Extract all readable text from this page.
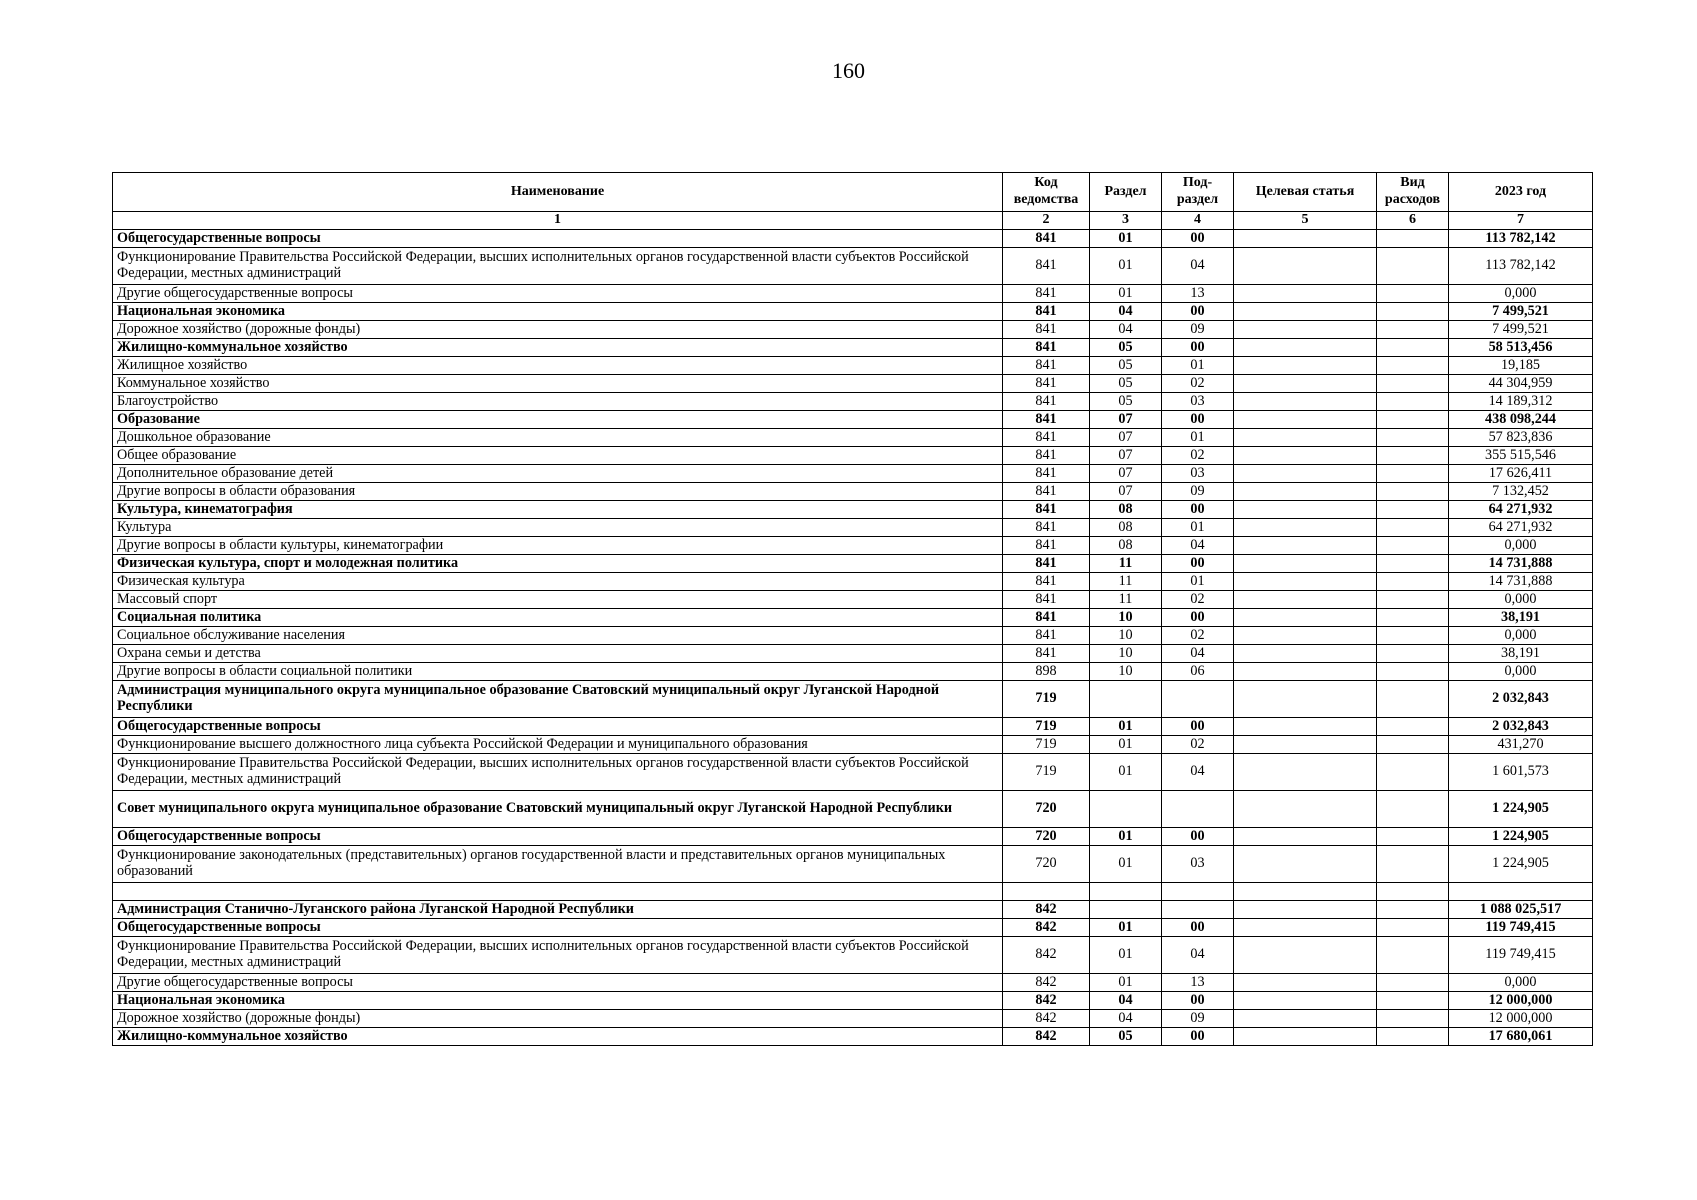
160
Наименование	Код ведомства	Раздел	Под-раздел	Целевая статья	Вид расходов	2023 год
1	2	3	4	5	6	7
Общегосударственные вопросы	841	01	00			113 782,142
Функционирование Правительства Российской Федерации, высших исполнительных органов государственной власти субъектов Российской Федерации, местных администраций	841	01	04			113 782,142
Другие общегосударственные вопросы	841	01	13			0,000
Национальная экономика	841	04	00			7 499,521
Дорожное хозяйство (дорожные фонды)	841	04	09			7 499,521
Жилищно-коммунальное хозяйство	841	05	00			58 513,456
Жилищное хозяйство	841	05	01			19,185
Коммунальное хозяйство	841	05	02			44 304,959
Благоустройство	841	05	03			14 189,312
Образование	841	07	00			438 098,244
Дошкольное образование	841	07	01			57 823,836
Общее образование	841	07	02			355 515,546
Дополнительное образование детей	841	07	03			17 626,411
Другие вопросы в области образования	841	07	09			7 132,452
Культура, кинематография	841	08	00			64 271,932
Культура	841	08	01			64 271,932
Другие вопросы в области культуры, кинематографии	841	08	04			0,000
Физическая культура, спорт и молодежная политика	841	11	00			14 731,888
Физическая культура	841	11	01			14 731,888
Массовый спорт	841	11	02			0,000
Социальная политика	841	10	00			38,191
Социальное обслуживание населения	841	10	02			0,000
Охрана семьи и детства	841	10	04			38,191
Другие вопросы в области социальной политики	898	10	06			0,000
Администрация муниципального округа муниципальное образование Сватовский муниципальный округ Луганской Народной Республики	719					2 032,843
Общегосударственные вопросы	719	01	00			2 032,843
Функционирование высшего должностного лица субъекта Российской Федерации и муниципального образования	719	01	02			431,270
Функционирование Правительства Российской Федерации, высших исполнительных органов государственной власти субъектов Российской Федерации, местных администраций	719	01	04			1 601,573
Совет муниципального округа муниципальное образование Сватовский муниципальный округ Луганской Народной Республики	720					1 224,905
Общегосударственные вопросы	720	01	00			1 224,905
Функционирование законодательных (представительных) органов государственной власти и представительных органов муниципальных образований	720	01	03			1 224,905

Администрация Станично-Луганского района Луганской Народной Республики	842					1 088 025,517
Общегосударственные вопросы	842	01	00			119 749,415
Функционирование Правительства Российской Федерации, высших исполнительных органов государственной власти субъектов Российской Федерации, местных администраций	842	01	04			119 749,415
Другие общегосударственные вопросы	842	01	13			0,000
Национальная экономика	842	04	00			12 000,000
Дорожное хозяйство (дорожные фонды)	842	04	09			12 000,000
Жилищно-коммунальное хозяйство	842	05	00			17 680,061
